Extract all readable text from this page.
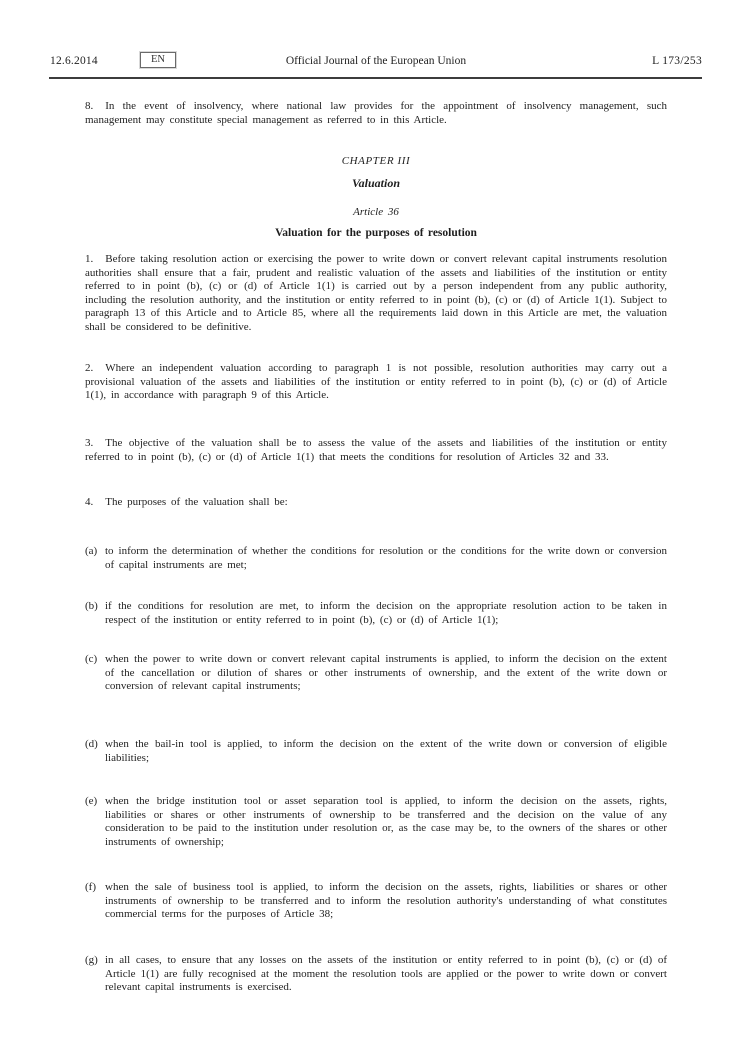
12.6.2014	EN	Official Journal of the European Union	L 173/253

8. In the event of insolvency, where national law provides for the appointment of insolvency management, such management may constitute special management as referred to in this Article.

CHAPTER III
Valuation
Article 36
Valuation for the purposes of resolution

1. Before taking resolution action or exercising the power to write down or convert relevant capital instruments resolution authorities shall ensure that a fair, prudent and realistic valuation of the assets and liabilities of the institution or entity referred to in point (b), (c) or (d) of Article 1(1) is carried out by a person independent from any public authority, including the resolution authority, and the institution or entity referred to in point (b), (c) or (d) of Article 1(1). Subject to paragraph 13 of this Article and to Article 85, where all the requirements laid down in this Article are met, the valuation shall be considered to be definitive.

2. Where an independent valuation according to paragraph 1 is not possible, resolution authorities may carry out a provisional valuation of the assets and liabilities of the institution or entity referred to in point (b), (c) or (d) of Article 1(1), in accordance with paragraph 9 of this Article.

3. The objective of the valuation shall be to assess the value of the assets and liabilities of the institution or entity referred to in point (b), (c) or (d) of Article 1(1) that meets the conditions for resolution of Articles 32 and 33.

4. The purposes of the valuation shall be:

(a) to inform the determination of whether the conditions for resolution or the conditions for the write down or conversion of capital instruments are met;
(b) if the conditions for resolution are met, to inform the decision on the appropriate resolution action to be taken in respect of the institution or entity referred to in point (b), (c) or (d) of Article 1(1);
(c) when the power to write down or convert relevant capital instruments is applied, to inform the decision on the extent of the cancellation or dilution of shares or other instruments of ownership, and the extent of the write down or conversion of relevant capital instruments;
(d) when the bail-in tool is applied, to inform the decision on the extent of the write down or conversion of eligible liabilities;
(e) when the bridge institution tool or asset separation tool is applied, to inform the decision on the assets, rights, liabilities or shares or other instruments of ownership to be transferred and the decision on the value of any consideration to be paid to the institution under resolution or, as the case may be, to the owners of the shares or other instruments of ownership;
(f) when the sale of business tool is applied, to inform the decision on the assets, rights, liabilities or shares or other instruments of ownership to be transferred and to inform the resolution authority's understanding of what constitutes commercial terms for the purposes of Article 38;
(g) in all cases, to ensure that any losses on the assets of the institution or entity referred to in point (b), (c) or (d) of Article 1(1) are fully recognised at the moment the resolution tools are applied or the power to write down or convert relevant capital instruments is exercised.
